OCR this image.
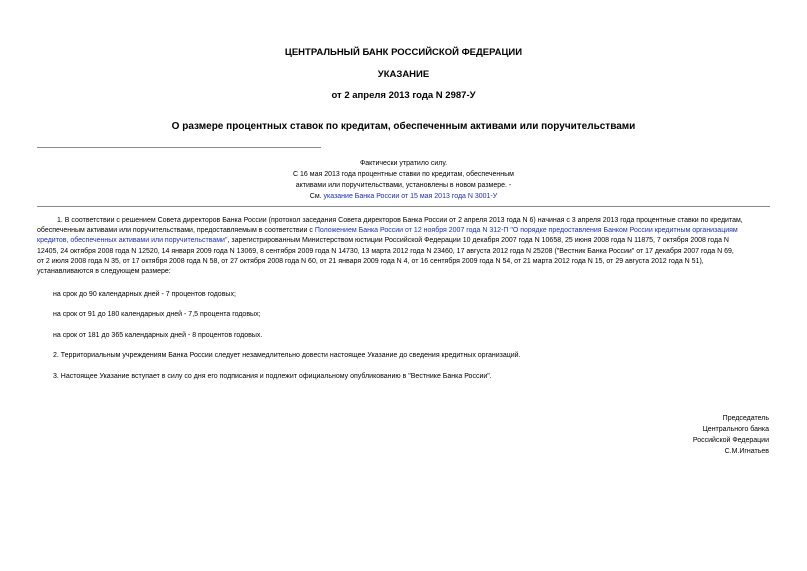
ЦЕНТРАЛЬНЫЙ БАНК РОССИЙСКОЙ ФЕДЕРАЦИИ
УКАЗАНИЕ
от 2 апреля 2013 года N 2987-У
О размере процентных ставок по кредитам, обеспеченным активами или поручительствами
Фактически утратило силу.
С 16 мая 2013 года процентные ставки по кредитам, обеспеченным
активами или поручительствами, установлены в новом размере. -
См. указание Банка России от 15 мая 2013 года N 3001-У
1. В соответствии с решением Совета директоров Банка России (протокол заседания Совета директоров Банка России от 2 апреля 2013 года N 6) начиная с 3 апреля 2013 года процентные ставки по кредитам,
обеспеченным активами или поручительствами, предоставляемым в соответствии с Положением Банка России от 12 ноября 2007 года N 312-П "О порядке предоставления Банком России кредитным организациям
кредитов, обеспеченных активами или поручительствами", зарегистрированным Министерством юстиции Российской Федерации 10 декабря 2007 года N 10658, 25 июня 2008 года N 11875, 7 октября 2008 года N
12405, 24 октября 2008 года N 12520, 14 января 2009 года N 13069, 8 сентября 2009 года N 14730, 13 марта 2012 года N 23460, 17 августа 2012 года N 25208 ("Вестник Банка России" от 17 декабря 2007 года N 69,
от 2 июля 2008 года N 35, от 17 октября 2008 года N 58, от 27 октября 2008 года N 60, от 21 января 2009 года N 4, от 16 сентября 2009 года N 54, от 21 марта 2012 года N 15, от 29 августа 2012 года N 51),
устанавливаются в следующем размере:
на срок до 90 календарных дней - 7 процентов годовых;
на срок от 91 до 180 календарных дней - 7,5 процента годовых;
на срок от 181 до 365 календарных дней - 8 процентов годовых.
2. Территориальным учреждениям Банка России следует незамедлительно довести настоящее Указание до сведения кредитных организаций.
3. Настоящее Указание вступает в силу со дня его подписания и подлежит официальному опубликованию в "Вестнике Банка России".
Председатель
Центрального банка
Российской Федерации
С.М.Игнатьев
